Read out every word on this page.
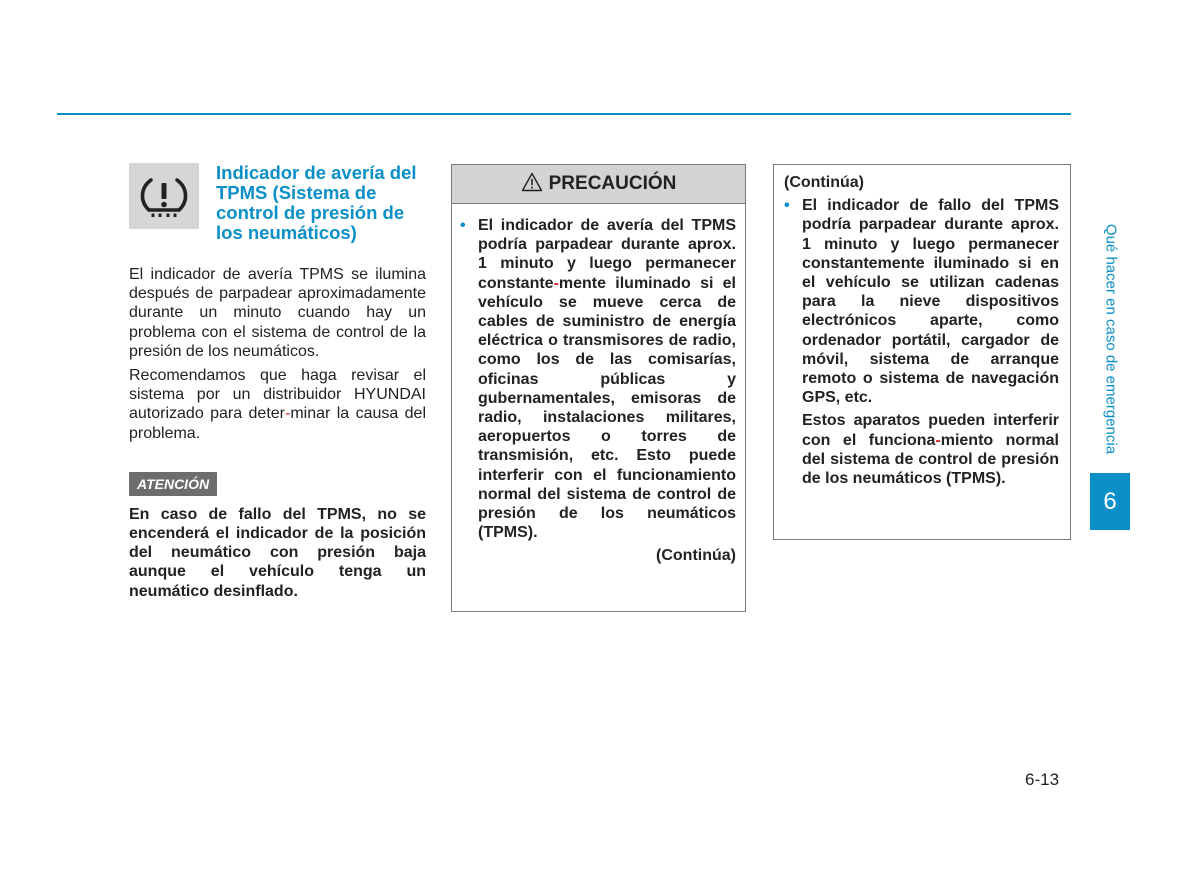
Indicador de avería del TPMS (Sistema de control de presión de los neumáticos)

El indicador de avería TPMS se ilumina después de parpadear aproximadamente durante un minuto cuando hay un problema con el sistema de control de la presión de los neumáticos.

Recomendamos que haga revisar el sistema por un distribuidor HYUNDAI autorizado para deter-minar la causa del problema.

ATENCIÓN

En caso de fallo del TPMS, no se encenderá el indicador de la posición del neumático con presión baja aunque el vehículo tenga un neumático desinflado.

PRECAUCIÓN
• El indicador de avería del TPMS podría parpadear durante aprox. 1 minuto y luego permanecer constante-mente iluminado si el vehículo se mueve cerca de cables de suministro de energía eléctrica o transmisores de radio, como los de las comisarías, oficinas públicas y gubernamentales, emisoras de radio, instalaciones militares, aeropuertos o torres de transmisión, etc. Esto puede interferir con el funcionamiento normal del sistema de control de presión de los neumáticos (TPMS).

(Continúa)
(Continúa)
• El indicador de fallo del TPMS podría parpadear durante aprox. 1 minuto y luego permanecer constantemente iluminado si en el vehículo se utilizan cadenas para la nieve dispositivos electrónicos aparte, como ordenador portátil, cargador de móvil, sistema de arranque remoto o sistema de navegación GPS, etc.

Estos aparatos pueden interferir con el funciona-miento normal del sistema de control de presión de los neumáticos (TPMS).

Qué hacer en caso de emergencia
6
6-13
